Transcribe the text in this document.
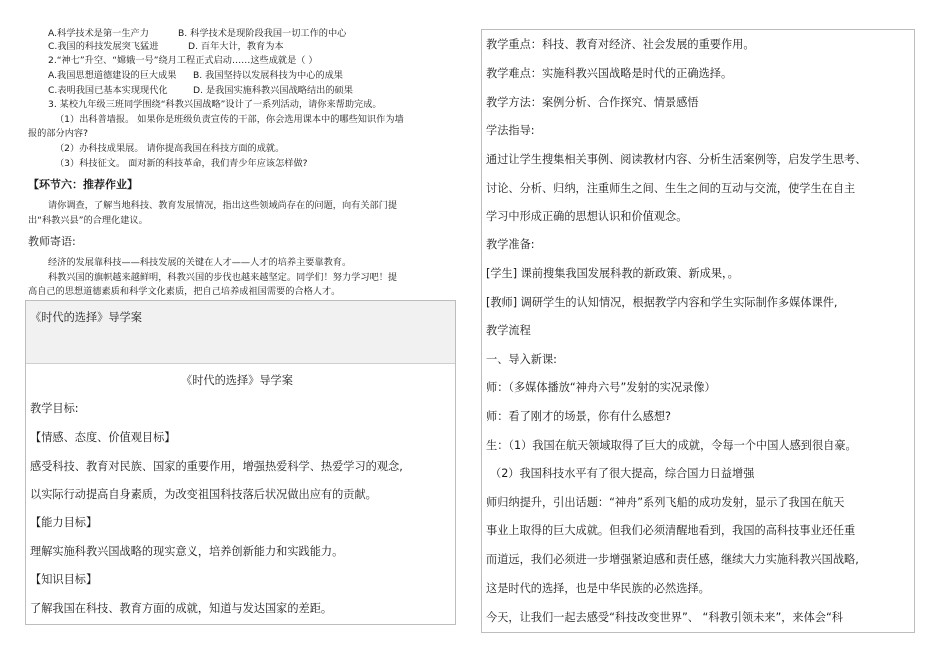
A.科学技术是第一生产力	B. 科学技术是现阶段我国一切工作的中心
C.我国的科技发展突飞猛进	D. 百年大计，教育为本
2.“神七”升空、“嫦娥一号”绕月工程正式启动……这些成就是（ ）
A.我国思想道德建设的巨大成果 B. 我国坚持以发展科技为中心的成果
C.表明我国已基本实现现代化	D. 是我国实施科教兴国战略结出的硕果
3. 某校九年级三班同学围绕“科教兴国战略”设计了一系列活动，请你来帮助完成。
（1）出科普墙报。 如果你是班级负责宣传的干部，你会选用课本中的哪些知识作为墙
报的部分内容?
（2）办科技成果展。 请你提高我国在科技方面的成就。
（3）科技征文。 面对新的科技革命，我们青少年应该怎样做?
【环节六：推荐作业】
请你调查，了解当地科技、教育发展情况，指出这些领域尚存在的问题，向有关部门提
出“科教兴县”的合理化建议。
教师寄语:
经济的发展靠科技——科技发展的关键在人才——人才的培养主要靠教育。
科教兴国的旗帜越来越鲜明，科教兴国的步伐也越来越坚定。同学们！努力学习吧！提
高自己的思想道德素质和科学文化素质，把自己培养成祖国需要的合格人才。
《时代的选择》导学案
《时代的选择》导学案
教学目标:
【情感、态度、价值观目标】
感受科技、教育对民族、国家的重要作用，增强热爱科学、热爱学习的观念,
以实际行动提高自身素质，为改变祖国科技落后状况做出应有的贡献。
【能力目标】
理解实施科教兴国战略的现实意义，培养创新能力和实践能力。
【知识目标】
了解我国在科技、教育方面的成就，知道与发达国家的差距。
教学重点：科技、教育对经济、社会发展的重要作用。
教学难点：实施科教兴国战略是时代的正确选择。
教学方法：案例分析、合作探究、情景感悟
学法指导:
通过让学生搜集相关事例、阅读教材内容、分析生活案例等，启发学生思考、
讨论、分析、归纳，注重师生之间、生生之间的互动与交流，使学生在自主
学习中形成正确的思想认识和价值观念。
教学准备:
[学生] 课前搜集我国发展科教的新政策、新成果，。
[教师] 调研学生的认知情况，根据教学内容和学生实际制作多媒体课件,
教学流程
一、导入新课:
师：（多媒体播放“神舟六号”发射的实况录像）
师：看了刚才的场景，你有什么感想?
生：（1）我国在航天领域取得了巨大的成就，令每一个中国人感到很自豪。
（2）我国科技水平有了很大提高，综合国力日益增强
师归纳提升，引出话题：“神舟”系列飞船的成功发射，显示了我国在航天
事业上取得的巨大成就。但我们必须清醒地看到，我国的高科技事业还任重
而道远，我们必须进一步增强紧迫感和责任感，继续大力实施科教兴国战略,
这是时代的选择，也是中华民族的必然选择。
今天，让我们一起去感受“科技改变世界”、 “科教引领未来”，来体会“科
